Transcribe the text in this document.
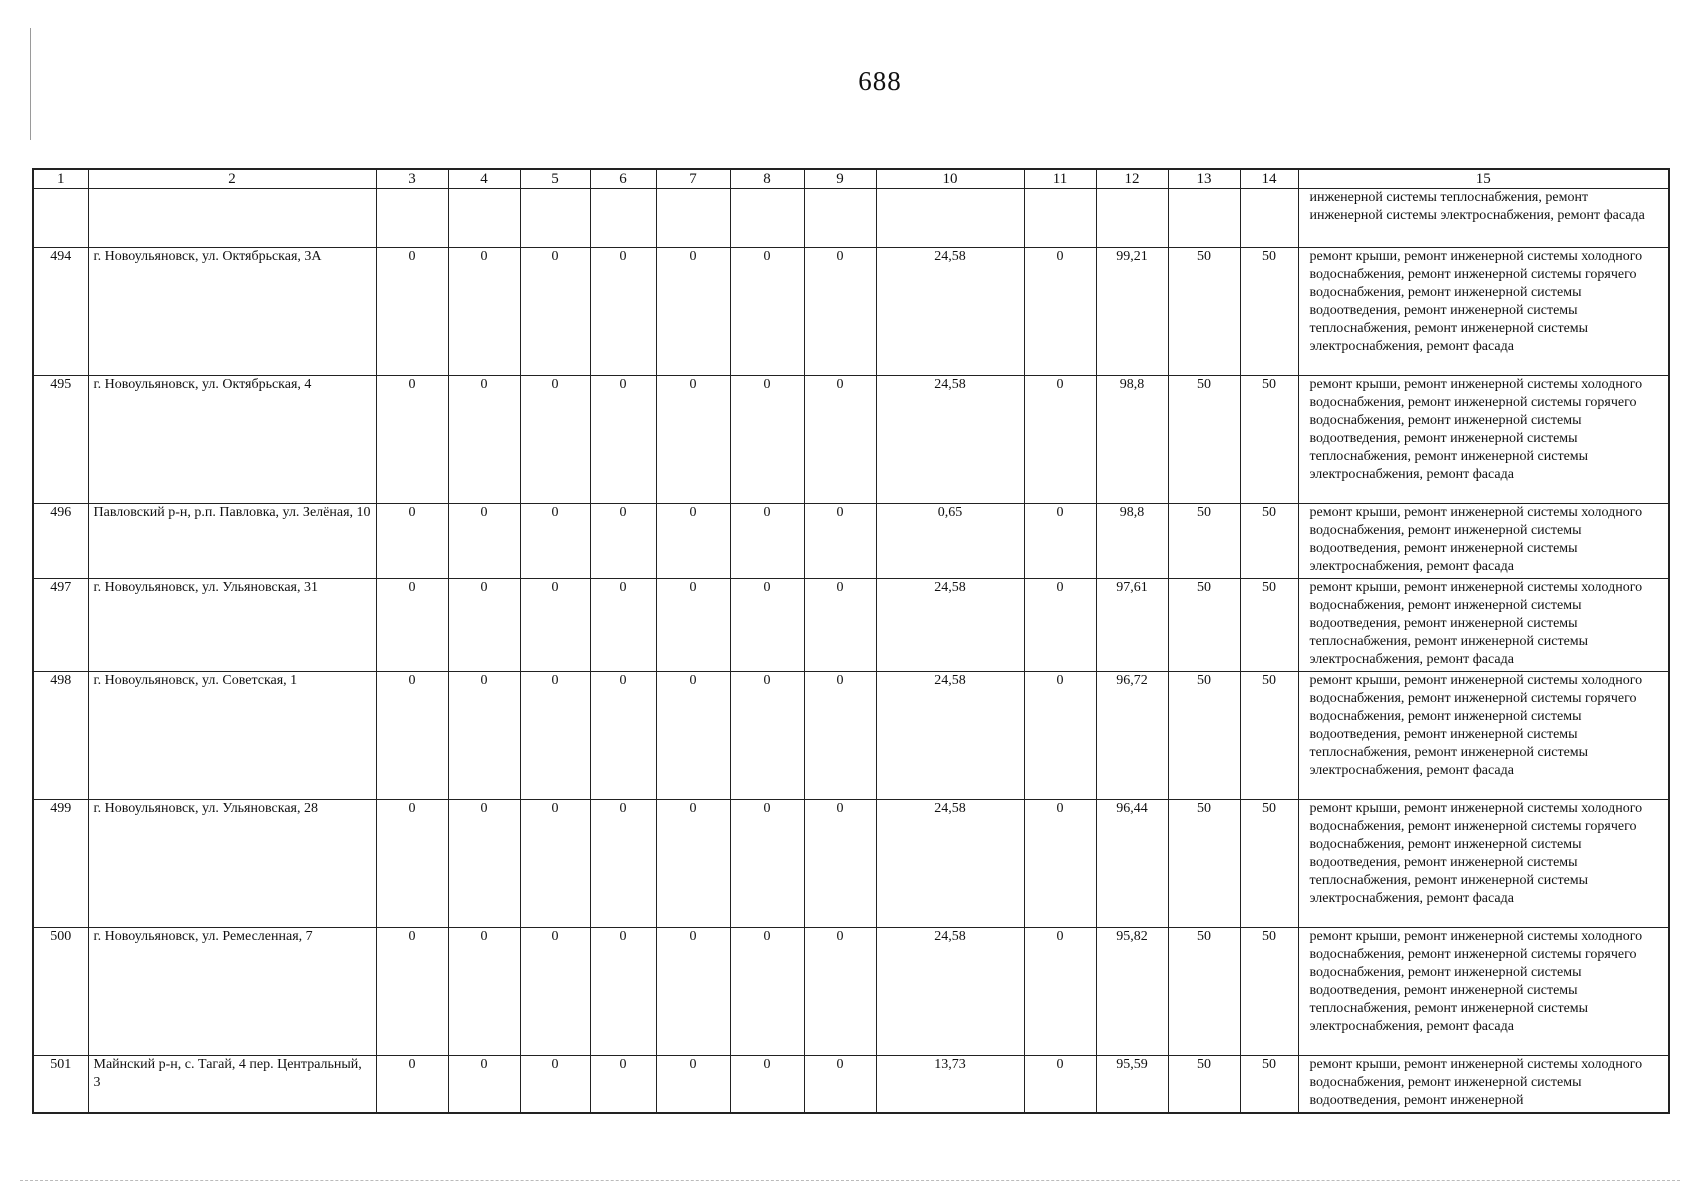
688
1	2	3	4	5	6	7	8	9	10	11	12	13	14	15
														инженерной системы теплоснабжения, ремонт инженерной системы электроснабжения, ремонт фасада
494	г. Новоульяновск, ул. Октябрьская, 3А	0	0	0	0	0	0	0	24,58	0	99,21	50	50	ремонт крыши, ремонт инженерной системы холодного водоснабжения, ремонт инженерной системы горячего водоснабжения, ремонт инженерной системы водоотведения, ремонт инженерной системы теплоснабжения, ремонт инженерной системы электроснабжения, ремонт фасада
495	г. Новоульяновск, ул. Октябрьская, 4	0	0	0	0	0	0	0	24,58	0	98,8	50	50	ремонт крыши, ремонт инженерной системы холодного водоснабжения, ремонт инженерной системы горячего водоснабжения, ремонт инженерной системы водоотведения, ремонт инженерной системы теплоснабжения, ремонт инженерной системы электроснабжения, ремонт фасада
496	Павловский р-н, р.п. Павловка, ул. Зелёная, 10	0	0	0	0	0	0	0	0,65	0	98,8	50	50	ремонт крыши, ремонт инженерной системы холодного водоснабжения, ремонт инженерной системы водоотведения, ремонт инженерной системы электроснабжения, ремонт фасада
497	г. Новоульяновск, ул. Ульяновская, 31	0	0	0	0	0	0	0	24,58	0	97,61	50	50	ремонт крыши, ремонт инженерной системы холодного водоснабжения, ремонт инженерной системы водоотведения, ремонт инженерной системы теплоснабжения, ремонт инженерной системы электроснабжения, ремонт фасада
498	г. Новоульяновск, ул. Советская, 1	0	0	0	0	0	0	0	24,58	0	96,72	50	50	ремонт крыши, ремонт инженерной системы холодного водоснабжения, ремонт инженерной системы горячего водоснабжения, ремонт инженерной системы водоотведения, ремонт инженерной системы теплоснабжения, ремонт инженерной системы электроснабжения, ремонт фасада
499	г. Новоульяновск, ул. Ульяновская, 28	0	0	0	0	0	0	0	24,58	0	96,44	50	50	ремонт крыши, ремонт инженерной системы холодного водоснабжения, ремонт инженерной системы горячего водоснабжения, ремонт инженерной системы водоотведения, ремонт инженерной системы теплоснабжения, ремонт инженерной системы электроснабжения, ремонт фасада
500	г. Новоульяновск, ул. Ремесленная, 7	0	0	0	0	0	0	0	24,58	0	95,82	50	50	ремонт крыши, ремонт инженерной системы холодного водоснабжения, ремонт инженерной системы горячего водоснабжения, ремонт инженерной системы водоотведения, ремонт инженерной системы теплоснабжения, ремонт инженерной системы электроснабжения, ремонт фасада
501	Майнский р-н, с. Тагай, 4 пер. Центральный, 3	0	0	0	0	0	0	0	13,73	0	95,59	50	50	ремонт крыши, ремонт инженерной системы холодного водоснабжения, ремонт инженерной системы водоотведения, ремонт инженерной
